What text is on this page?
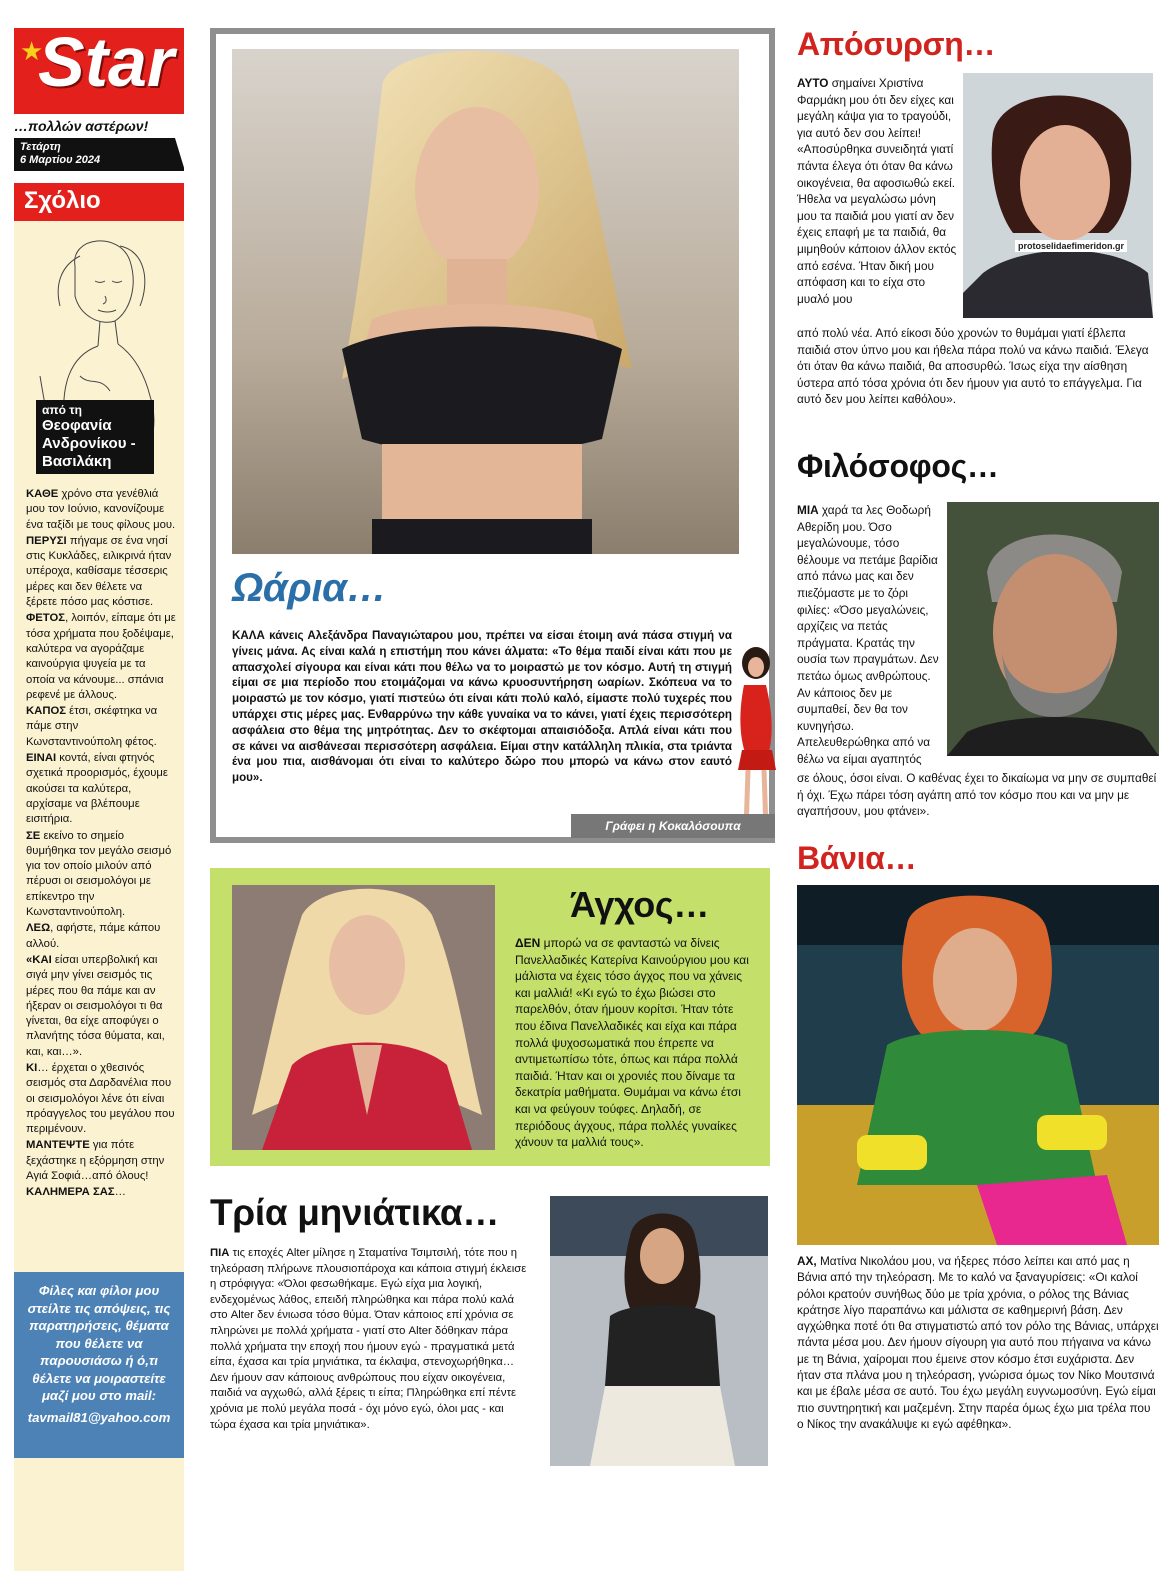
★
Star
…πολλών αστέρων!
Τετάρτη
6 Μαρτίου 2024
Σχόλιο
από τη
Θεοφανία Ανδρονίκου - Βασιλάκη

ΚΑΘΕ χρόνο στα γενέθλιά μου τον Ιούνιο, κανονίζουμε ένα ταξίδι με τους φίλους μου.

ΠΕΡΥΣΙ πήγαμε σε ένα νησί στις Κυκλάδες, ειλικρινά ήταν υπέροχα, καθίσαμε τέσσερις μέρες και δεν θέλετε να ξέρετε πόσο μας κόστισε.

ΦΕΤΟΣ, λοιπόν, είπαμε ότι με τόσα χρήματα που ξοδέψαμε, καλύτερα να αγοράζαμε καινούργια ψυγεία με τα οποία να κάνουμε... σπάνια ρεφενέ με άλλους.

ΚΑΠΟΣ έτσι, σκέφτηκα να πάμε στην Κωνσταντινούπολη φέτος.

ΕΙΝΑΙ κοντά, είναι φτηνός σχετικά προορισμός, έχουμε ακούσει τα καλύτερα, αρχίσαμε να βλέπουμε εισιτήρια.

ΣΕ εκείνο το σημείο θυμήθηκα τον μεγάλο σεισμό για τον οποίο μιλούν από πέρυσι οι σεισμολόγοι με επίκεντρο την Κωνσταντινούπολη.

ΛΕΩ, αφήστε, πάμε κάπου αλλού.

«ΚΑΙ είσαι υπερβολική και σιγά μην γίνει σεισμός τις μέρες που θα πάμε και αν ήξεραν οι σεισμολόγοι τι θα γίνεται, θα είχε αποφύγει ο πλανήτης τόσα θύματα, και, και, και…».

ΚΙ… έρχεται ο χθεσινός σεισμός στα Δαρδανέλια που οι σεισμολόγοι λένε ότι είναι πρόαγγελος του μεγάλου που περιμένουν.

ΜΑΝΤΕΨΤΕ για πότε ξεχάστηκε η εξόρμηση στην Αγιά Σοφιά…από όλους!

ΚΑΛΗΜΕΡΑ ΣΑΣ…

Φίλες και φίλοι μου στείλτε τις απόψεις, τις παρατηρήσεις, θέματα που θέλετε να παρουσιάσω ή ό,τι θέλετε να μοιραστείτε μαζί μου στο mail:
tavmail81@yahoo.com
Ωάρια…
ΚΑΛΑ κάνεις Αλεξάνδρα Παναγιώταρου μου, πρέπει να είσαι έτοιμη ανά πάσα στιγμή να γίνεις μάνα. Ας είναι καλά η επιστήμη που κάνει άλματα: «Το θέμα παιδί είναι κάτι που με απασχολεί σίγουρα και είναι κάτι που θέλω να το μοιραστώ με τον κόσμο. Αυτή τη στιγμή είμαι σε μια περίοδο που ετοιμάζομαι να κάνω κρυοσυντήρηση ωαρίων. Σκόπευα να το μοιραστώ με τον κόσμο, γιατί πιστεύω ότι είναι κάτι πολύ καλό, είμαστε πολύ τυχερές που υπάρχει στις μέρες μας. Ενθαρρύνω την κάθε γυναίκα να το κάνει, γιατί έχεις περισσότερη ασφάλεια στο θέμα της μητρότητας. Δεν το σκέφτομαι απαισιόδοξα. Απλά είναι κάτι που σε κάνει να αισθάνεσαι περισσότερη ασφάλεια. Είμαι στην κατάλληλη πλικία, στα τριάντα ένα μου πια, αισθάνομαι ότι είναι το καλύτερο δώρο που μπορώ να κάνω στον εαυτό μου».
Γράφει η Κοκαλόσουπα
Άγχος…
ΔΕΝ μπορώ να σε φανταστώ να δίνεις Πανελλαδικές Κατερίνα Καινούργιου μου και μάλιστα να έχεις τόσο άγχος που να χάνεις και μαλλιά! «Κι εγώ το έχω βιώσει στο παρελθόν, όταν ήμουν κορίτσι. Ήταν τότε που έδινα Πανελλαδικές και είχα και πάρα πολλά ψυχοσωματικά που έπρεπε να αντιμετωπίσω τότε, όπως και πάρα πολλά παιδιά. Ήταν και οι χρονιές που δίναμε τα δεκατρία μαθήματα. Θυμάμαι να κάνω έτσι και να φεύγουν τούφες. Δηλαδή, σε περιόδους άγχους, πάρα πολλές γυναίκες χάνουν τα μαλλιά τους».
Τρία μηνιάτικα…
ΠΙΑ τις εποχές Alter μίλησε η Σταματίνα Τσιμτσιλή, τότε που η τηλεόραση πλήρωνε πλουσιοπάροχα και κάποια στιγμή έκλεισε η στρόφιγγα: «Όλοι φεσωθήκαμε. Εγώ είχα μια λογική, ενδεχομένως λάθος, επειδή πληρώθηκα και πάρα πολύ καλά στο Alter δεν ένιωσα τόσο θύμα. Όταν κάποιος επί χρόνια σε πληρώνει με πολλά χρήματα - γιατί στο Alter δόθηκαν πάρα πολλά χρήματα την εποχή που ήμουν εγώ - πραγματικά μετά είπα, έχασα και τρία μηνιάτικα, τα έκλαψα, στενοχωρήθηκα… Δεν ήμουν σαν κάποιους ανθρώπους που είχαν οικογένεια, παιδιά να αγχωθώ, αλλά ξέρεις τι είπα; Πληρώθηκα επί πέντε χρόνια με πολύ μεγάλα ποσά - όχι μόνο εγώ, όλοι μας - και τώρα έχασα και τρία μηνιάτικα».
Απόσυρση…
protoselidaefimeridon.gr
ΑΥΤΟ σημαίνει Χριστίνα Φαρμάκη μου ότι δεν είχες και μεγάλη κάψα για το τραγούδι, για αυτό δεν σου λείπει! «Αποσύρθηκα συνειδητά γιατί πάντα έλεγα ότι όταν θα κάνω οικογένεια, θα αφοσιωθώ εκεί. Ήθελα να μεγαλώσω μόνη μου τα παιδιά μου γιατί αν δεν έχεις επαφή με τα παιδιά, θα μιμηθούν κάποιον άλλον εκτός από εσένα. Ήταν δική μου απόφαση και το είχα στο μυαλό μου
από πολύ νέα. Από είκοσι δύο χρονών το θυμάμαι γιατί έβλεπα παιδιά στον ύπνο μου και ήθελα πάρα πολύ να κάνω παιδιά. Έλεγα ότι όταν θα κάνω παιδιά, θα αποσυρθώ. Ίσως είχα την αίσθηση ύστερα από τόσα χρόνια ότι δεν ήμουν για αυτό το επάγγελμα. Για αυτό δεν μου λείπει καθόλου».
Φιλόσοφος…
ΜΙΑ χαρά τα λες Θοδωρή Αθερίδη μου. Όσο μεγαλώνουμε, τόσο θέλουμε να πετάμε βαρίδια από πάνω μας και δεν πιεζόμαστε με το ζόρι φιλίες: «Όσο μεγαλώνεις, αρχίζεις να πετάς πράγματα. Κρατάς την ουσία των πραγμάτων. Δεν πετάω όμως ανθρώπους. Αν κάποιος δεν με συμπαθεί, δεν θα τον κυνηγήσω. Απελευθερώθηκα από να θέλω να είμαι αγαπητός
σε όλους, όσοι είναι. Ο καθένας έχει το δικαίωμα να μην σε συμπαθεί ή όχι. Έχω πάρει τόση αγάπη από τον κόσμο που και να μην με αγαπήσουν, μου φτάνει».
Βάνια…
ΑΧ, Ματίνα Νικολάου μου, να ήξερες πόσο λείπει και από μας η Βάνια από την τηλεόραση. Με το καλό να ξαναγυρίσεις: «Οι καλοί ρόλοι κρατούν συνήθως δύο με τρία χρόνια, ο ρόλος της Βάνιας κράτησε λίγο παραπάνω και μάλιστα σε καθημερινή βάση. Δεν αγχώθηκα ποτέ ότι θα στιγματιστώ από τον ρόλο της Βάνιας, υπάρχει πάντα μέσα μου. Δεν ήμουν σίγουρη για αυτό που πήγαινα να κάνω με τη Βάνια, χαίρομαι που έμεινε στον κόσμο έτσι ευχάριστα. Δεν ήταν στα πλάνα μου η τηλεόραση, γνώρισα όμως τον Νίκο Μουτσινά και με έβαλε μέσα σε αυτό. Του έχω μεγάλη ευγνωμοσύνη. Εγώ είμαι πιο συντηρητική και μαζεμένη. Στην παρέα όμως έχω μια τρέλα που ο Νίκος την ανακάλυψε κι εγώ αφέθηκα».
